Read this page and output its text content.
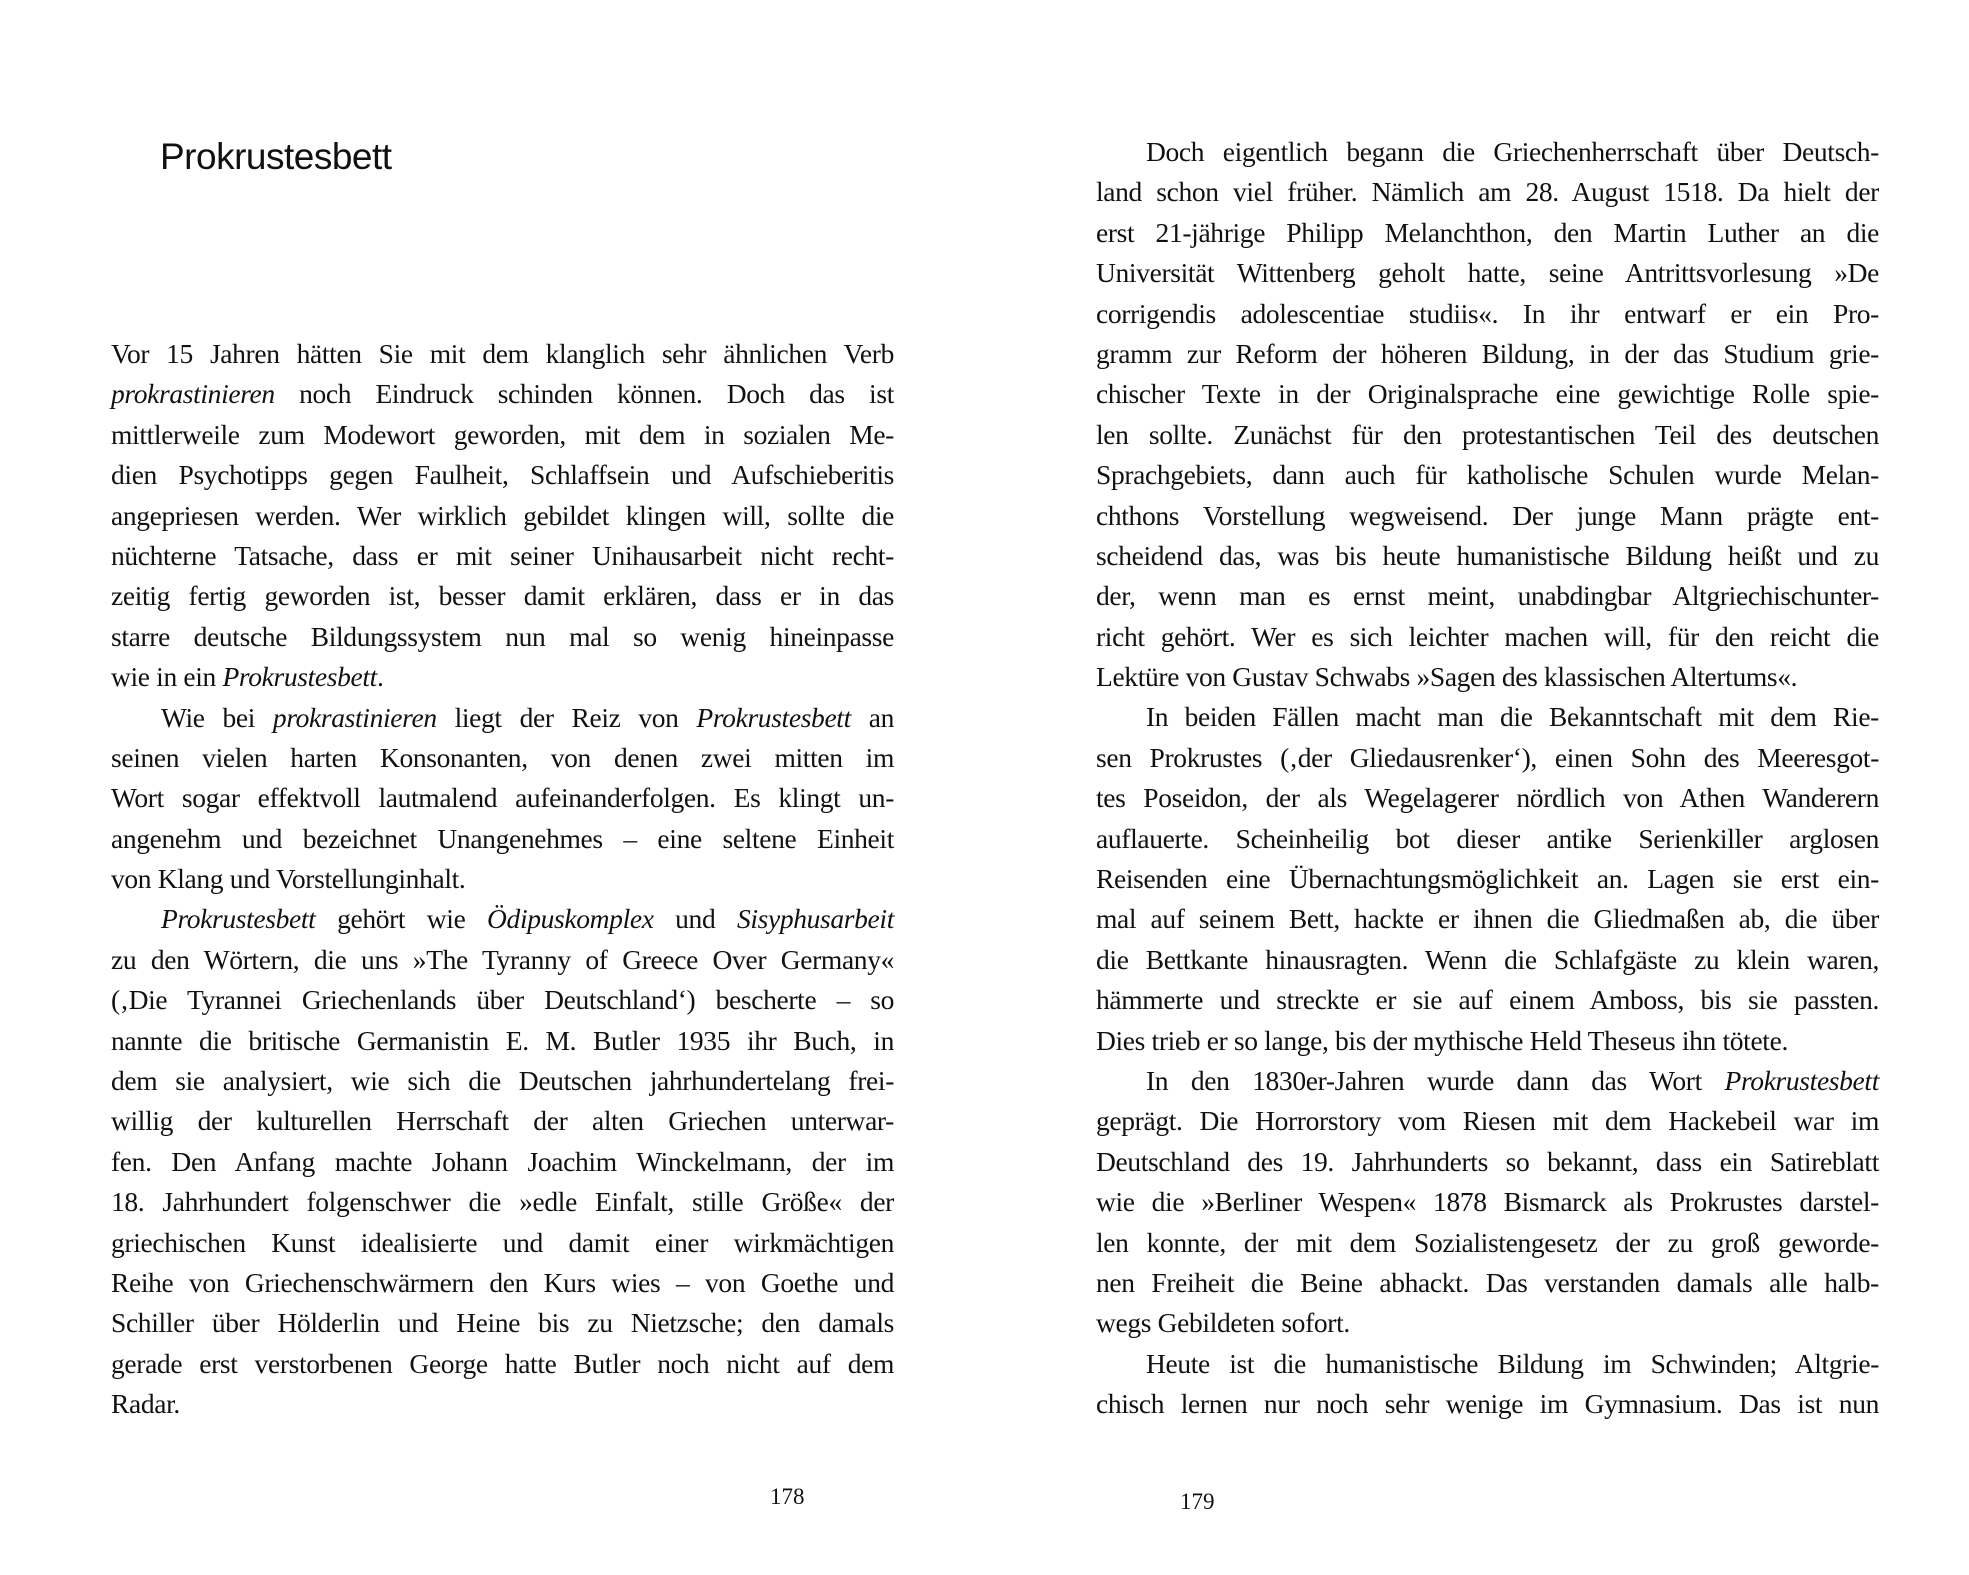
Prokrustesbett
Vor 15 Jahren hätten Sie mit dem klanglich sehr ähnlichen Verb
prokrastinieren noch Eindruck schinden können. Doch das ist
mittlerweile zum Modewort geworden, mit dem in sozialen Me-
dien Psychotipps gegen Faulheit, Schlaffsein und Aufschieberitis
angepriesen werden. Wer wirklich gebildet klingen will, sollte die
nüchterne Tatsache, dass er mit seiner Unihausarbeit nicht recht-
zeitig fertig geworden ist, besser damit erklären, dass er in das
starre deutsche Bildungssystem nun mal so wenig hineinpasse
wie in ein Prokrustesbett.
Wie bei prokrastinieren liegt der Reiz von Prokrustesbett an
seinen vielen harten Konsonanten, von denen zwei mitten im
Wort sogar effektvoll lautmalend aufeinanderfolgen. Es klingt un-
angenehm und bezeichnet Unangenehmes – eine seltene Einheit
von Klang und Vorstellunginhalt.
Prokrustesbett gehört wie Ödipuskomplex und Sisyphusarbeit
zu den Wörtern, die uns »The Tyranny of Greece Over Germany«
(‚Die Tyrannei Griechenlands über Deutschland‘) bescherte – so
nannte die britische Germanistin E. M. Butler 1935 ihr Buch, in
dem sie analysiert, wie sich die Deutschen jahrhundertelang frei-
willig der kulturellen Herrschaft der alten Griechen unterwar-
fen. Den Anfang machte Johann Joachim Winckelmann, der im
18. Jahrhundert folgenschwer die »edle Einfalt, stille Größe« der
griechischen Kunst idealisierte und damit einer wirkmächtigen
Reihe von Griechenschwärmern den Kurs wies – von Goethe und
Schiller über Hölderlin und Heine bis zu Nietzsche; den damals
gerade erst verstorbenen George hatte Butler noch nicht auf dem
Radar.
Doch eigentlich begann die Griechenherrschaft über Deutsch-
land schon viel früher. Nämlich am 28. August 1518. Da hielt der
erst 21-jährige Philipp Melanchthon, den Martin Luther an die
Universität Wittenberg geholt hatte, seine Antrittsvorlesung »De
corrigendis adolescentiae studiis«. In ihr entwarf er ein Pro-
gramm zur Reform der höheren Bildung, in der das Studium grie-
chischer Texte in der Originalsprache eine gewichtige Rolle spie-
len sollte. Zunächst für den protestantischen Teil des deutschen
Sprachgebiets, dann auch für katholische Schulen wurde Melan-
chthons Vorstellung wegweisend. Der junge Mann prägte ent-
scheidend das, was bis heute humanistische Bildung heißt und zu
der, wenn man es ernst meint, unabdingbar Altgriechischunter-
richt gehört. Wer es sich leichter machen will, für den reicht die
Lektüre von Gustav Schwabs »Sagen des klassischen Altertums«.
In beiden Fällen macht man die Bekanntschaft mit dem Rie-
sen Prokrustes (‚der Gliedausrenker‘), einen Sohn des Meeresgot-
tes Poseidon, der als Wegelagerer nördlich von Athen Wanderern
auflauerte. Scheinheilig bot dieser antike Serienkiller arglosen
Reisenden eine Übernachtungsmöglichkeit an. Lagen sie erst ein-
mal auf seinem Bett, hackte er ihnen die Gliedmaßen ab, die über
die Bettkante hinausragten. Wenn die Schlafgäste zu klein waren,
hämmerte und streckte er sie auf einem Amboss, bis sie passten.
Dies trieb er so lange, bis der mythische Held Theseus ihn tötete.
In den 1830er-Jahren wurde dann das Wort Prokrustesbett
geprägt. Die Horrorstory vom Riesen mit dem Hackebeil war im
Deutschland des 19. Jahrhunderts so bekannt, dass ein Satireblatt
wie die »Berliner Wespen« 1878 Bismarck als Prokrustes darstel-
len konnte, der mit dem Sozialistengesetz der zu groß geworde-
nen Freiheit die Beine abhackt. Das verstanden damals alle halb-
wegs Gebildeten sofort.
Heute ist die humanistische Bildung im Schwinden; Altgrie-
chisch lernen nur noch sehr wenige im Gymnasium. Das ist nun
178	179
